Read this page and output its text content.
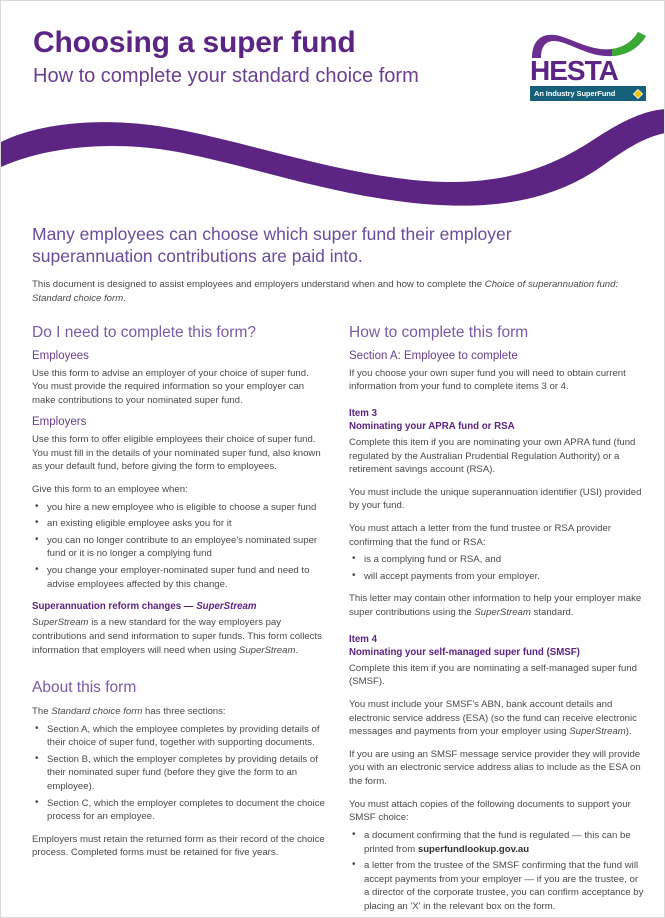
Choosing a super fund
How to complete your standard choice form	HESTA
An Industry SuperFund
Many employees can choose which super fund their employer superannuation contributions are paid into.

This document is designed to assist employees and employers understand when and how to complete the Choice of superannuation fund: Standard choice form.

Do I need to complete this form?
Employees

Use this form to advise an employer of your choice of super fund. You must provide the required information so your employer can make contributions to your nominated super fund.

Employers

Use this form to offer eligible employees their choice of super fund. You must fill in the details of your nominated super fund, also known as your default fund, before giving the form to employees.

Give this form to an employee when:

• you hire a new employee who is eligible to choose a super fund
• an existing eligible employee asks you for it
• you can no longer contribute to an employee's nominated super fund or it is no longer a complying fund
• you change your employer-nominated super fund and need to advise employees affected by this change.
Superannuation reform changes — SuperStream

SuperStream is a new standard for the way employers pay contributions and send information to super funds. This form collects information that employers will need when using SuperStream.

About this form

The Standard choice form has three sections:

• Section A, which the employee completes by providing details of their choice of super fund, together with supporting documents.
• Section B, which the employer completes by providing details of their nominated super fund (before they give the form to an employee).
• Section C, which the employer completes to document the choice process for an employee.

Employers must retain the returned form as their record of the choice process. Completed forms must be retained for five years.

How to complete this form
Section A: Employee to complete

If you choose your own super fund you will need to obtain current information from your fund to complete items 3 or 4.

Item 3
Nominating your APRA fund or RSA

Complete this item if you are nominating your own APRA fund (fund regulated by the Australian Prudential Regulation Authority) or a retirement savings account (RSA).

You must include the unique superannuation identifier (USI) provided by your fund.

You must attach a letter from the fund trustee or RSA provider confirming that the fund or RSA:

• is a complying fund or RSA, and
• will accept payments from your employer.

This letter may contain other information to help your employer make super contributions using the SuperStream standard.

Item 4
Nominating your self-managed super fund (SMSF)

Complete this item if you are nominating a self-managed super fund (SMSF).

You must include your SMSF's ABN, bank account details and electronic service address (ESA) (so the fund can receive electronic messages and payments from your employer using SuperStream).

If you are using an SMSF message service provider they will provide you with an electronic service address alias to include as the ESA on the form.

You must attach copies of the following documents to support your SMSF choice:

• a document confirming that the fund is regulated — this can be printed from superfundlookup.gov.au
• a letter from the trustee of the SMSF confirming that the fund will accept payments from your employer — if you are the trustee, or a director of the corporate trustee, you can confirm acceptance by placing an 'X' in the relevant box on the form.
